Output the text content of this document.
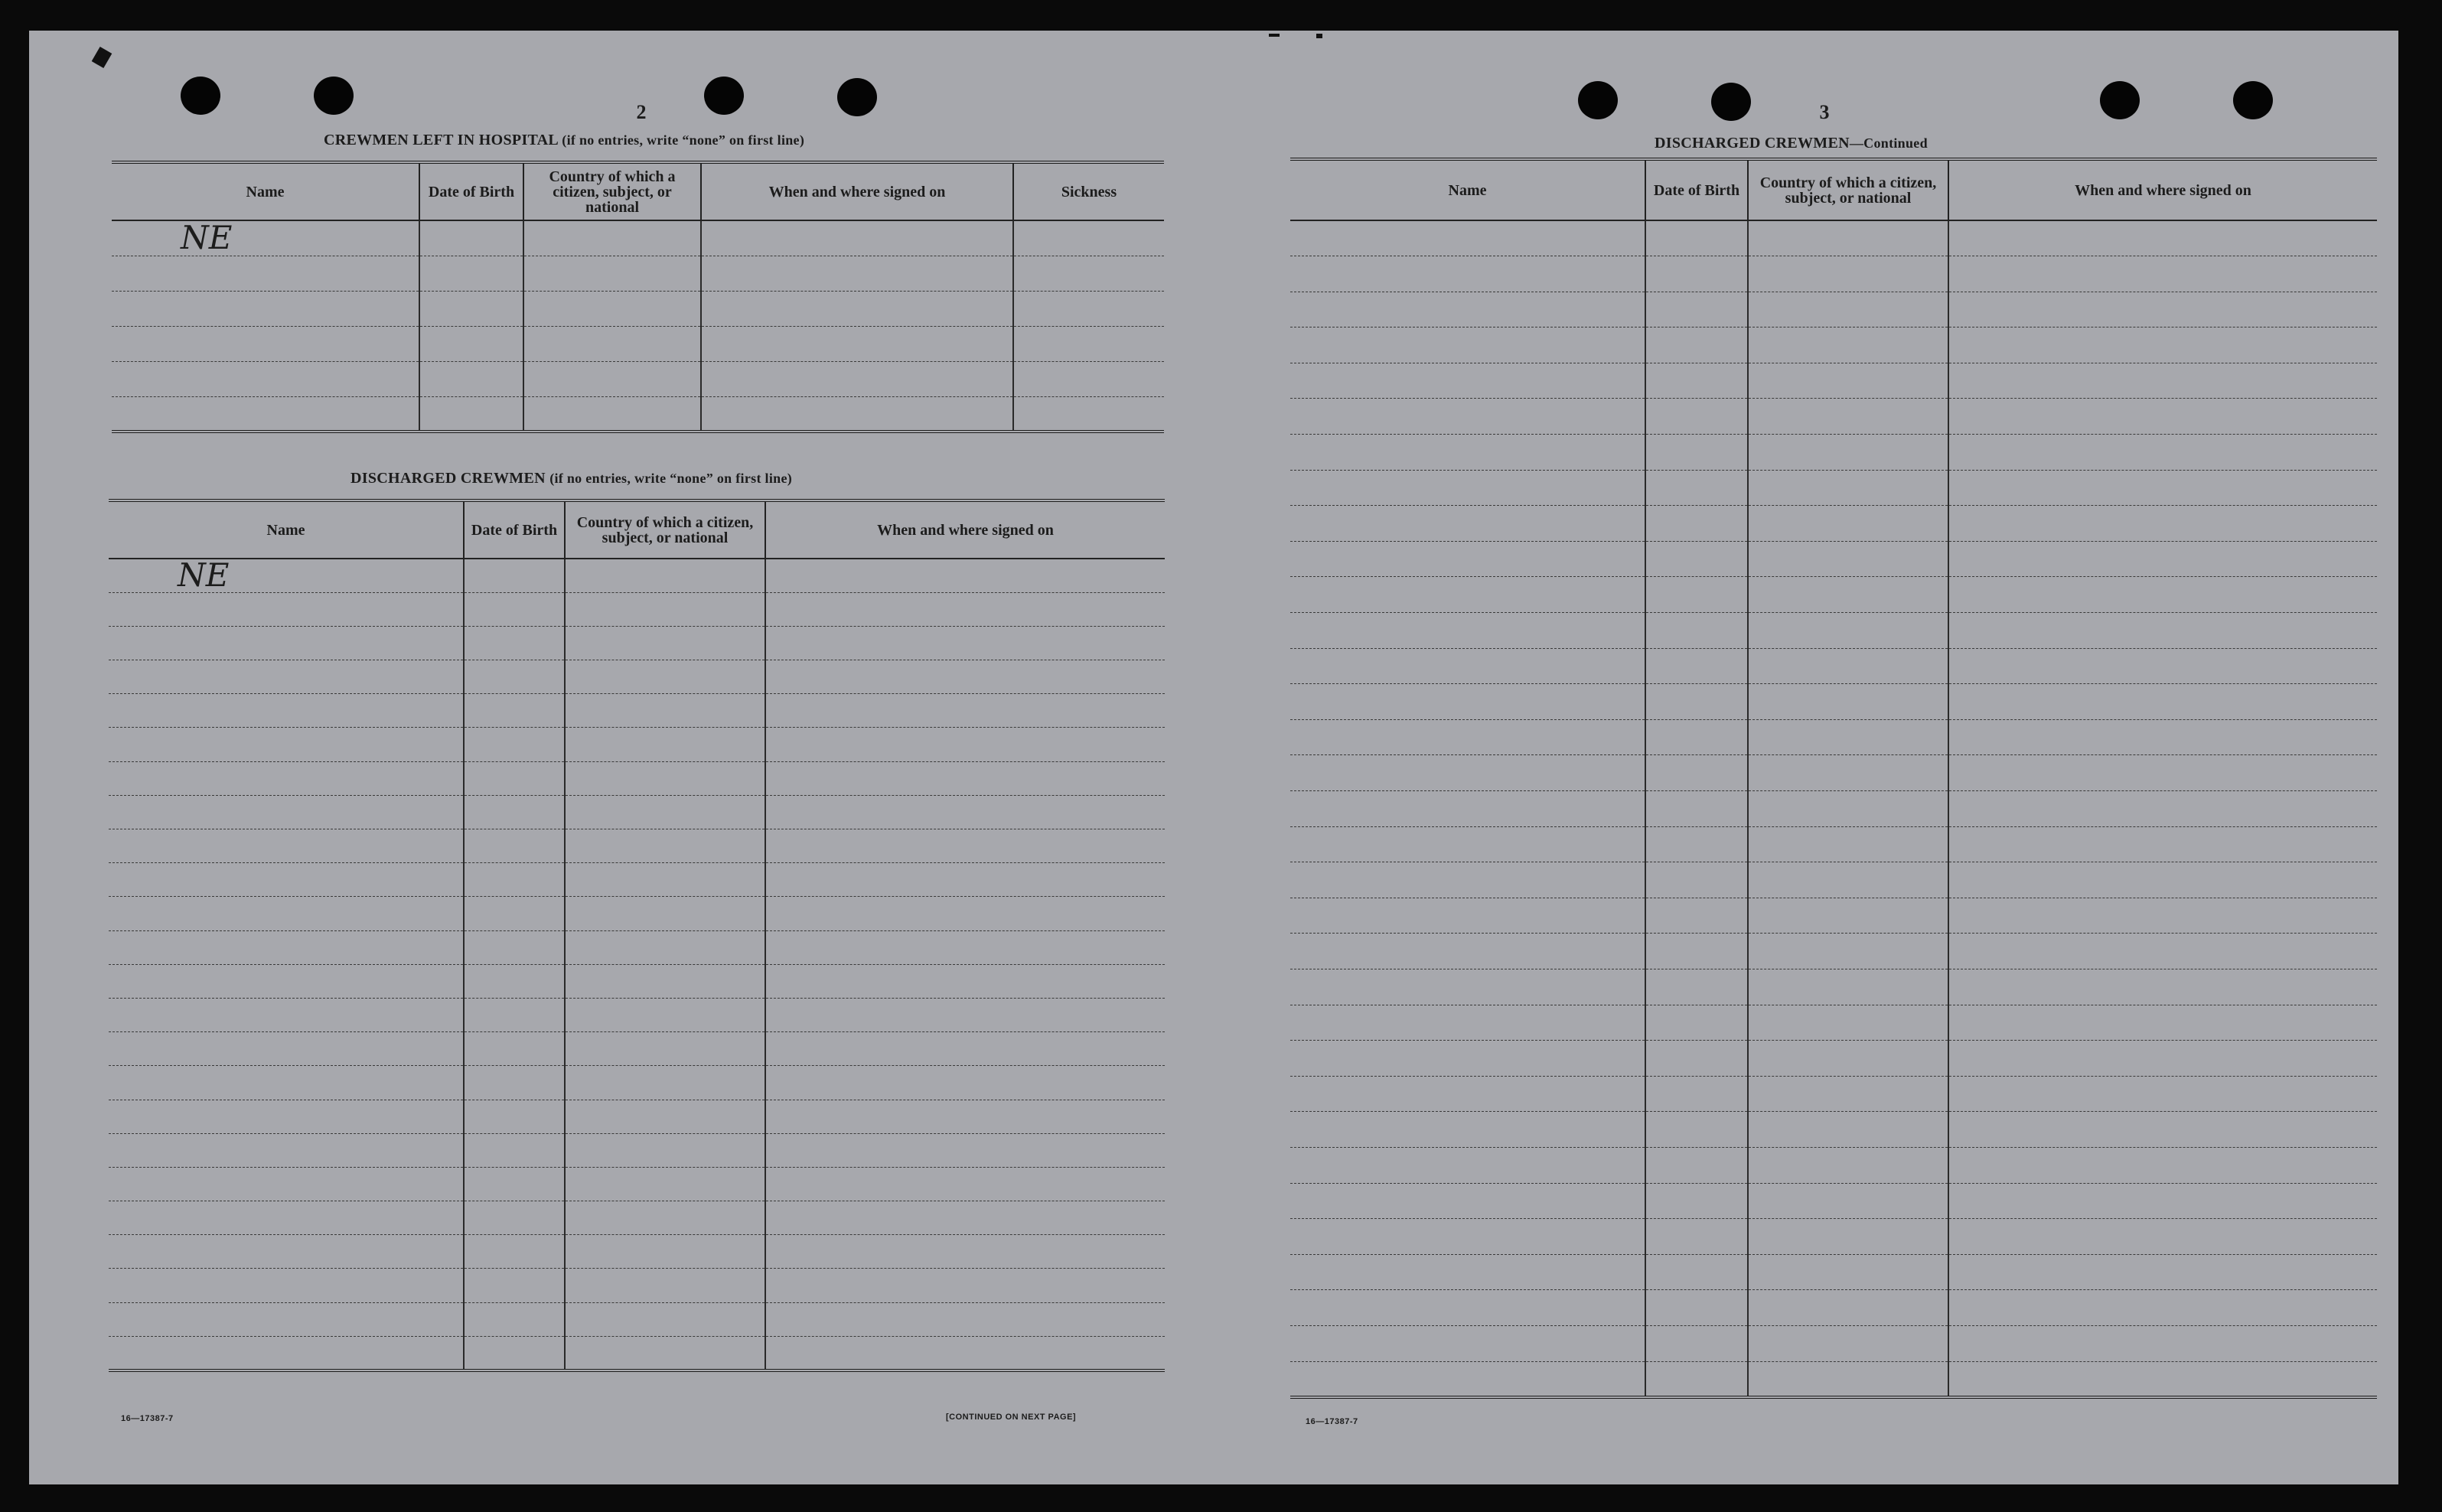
2
CREWMEN LEFT IN HOSPITAL (if no entries, write “none” on first line)
Name	Date of Birth	Country of which a citizen, subject, or national	When and where signed on	Sickness
NE				

DISCHARGED CREWMEN (if no entries, write “none” on first line)
Name	Date of Birth	Country of which a citizen, subject, or national	When and where signed on
NE			

16—17387-7	[CONTINUED ON NEXT PAGE]
3
DISCHARGED CREWMEN—Continued
Name	Date of Birth	Country of which a citizen, subject, or national	When and where signed on

16—17387-7
